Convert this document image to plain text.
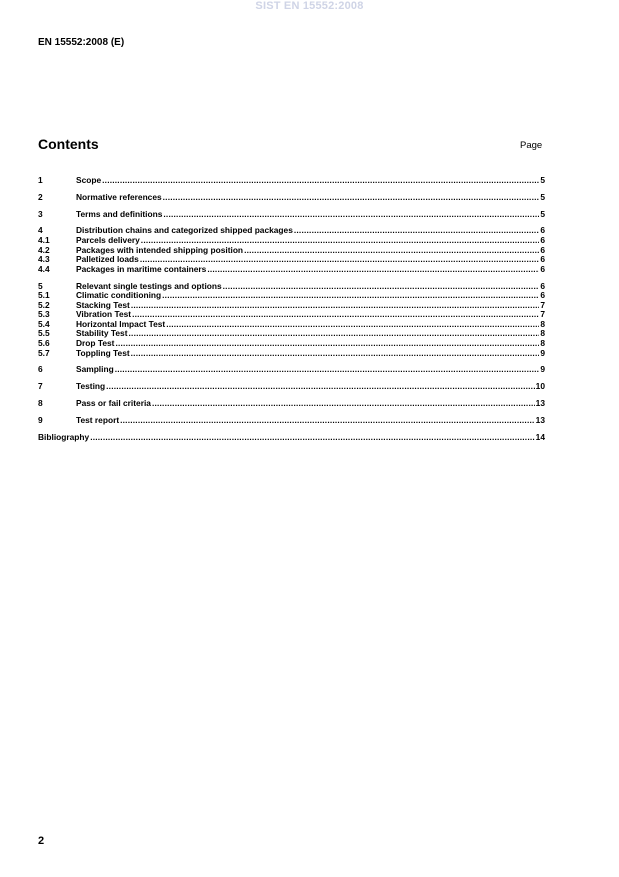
SIST EN 15552:2008
EN 15552:2008 (E)
Contents	Page
1	Scope .....	5
2	Normative references .....	5
3	Terms and definitions .....	5
4	Distribution chains and categorized shipped packages .....	6
4.1	Parcels delivery .....	6
4.2	Packages with intended shipping position .....	6
4.3	Palletized loads .....	6
4.4	Packages in maritime containers .....	6
5	Relevant single testings and options .....	6
5.1	Climatic conditioning .....	6
5.2	Stacking Test .....	7
5.3	Vibration Test .....	7
5.4	Horizontal Impact Test .....	8
5.5	Stability Test .....	8
5.6	Drop Test .....	8
5.7	Toppling Test .....	9
6	Sampling .....	9
7	Testing .....	10
8	Pass or fail criteria .....	13
9	Test report .....	13
Bibliography .....	14
2
